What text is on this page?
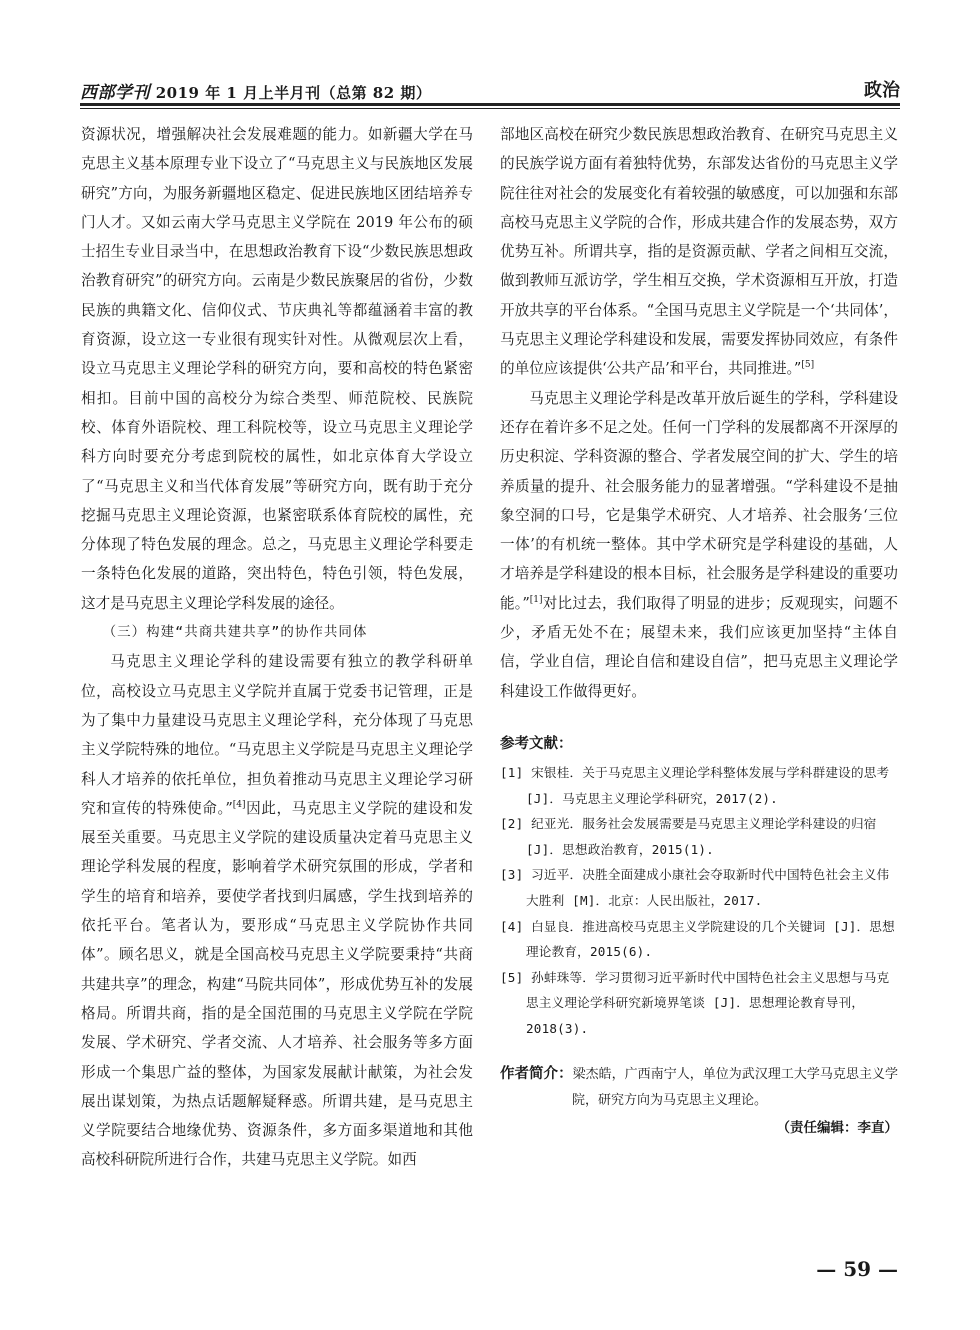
西部学刊 2019 年 1 月上半月刊（总第 82 期）	政治

资源状况，增强解决社会发展难题的能力。如新疆大学在马克思主义基本原理专业下设立了“马克思主义与民族地区发展研究”方向，为服务新疆地区稳定、促进民族地区团结培养专门人才。又如云南大学马克思主义学院在 2019 年公布的硕士招生专业目录当中，在思想政治教育下设“少数民族思想政治教育研究”的研究方向。云南是少数民族聚居的省份，少数民族的典籍文化、信仰仪式、节庆典礼等都蕴涵着丰富的教育资源，设立这一专业很有现实针对性。从微观层次上看，设立马克思主义理论学科的研究方向，要和高校的特色紧密相扣。目前中国的高校分为综合类型、师范院校、民族院校、体育外语院校、理工科院校等，设立马克思主义理论学科方向时要充分考虑到院校的属性，如北京体育大学设立了“马克思主义和当代体育发展”等研究方向，既有助于充分挖掘马克思主义理论资源，也紧密联系体育院校的属性，充分体现了特色发展的理念。总之，马克思主义理论学科要走一条特色化发展的道路，突出特色，特色引领，特色发展，这才是马克思主义理论学科发展的途径。

（三）构建“共商共建共享”的协作共同体

马克思主义理论学科的建设需要有独立的教学科研单位，高校设立马克思主义学院并直属于党委书记管理，正是为了集中力量建设马克思主义理论学科，充分体现了马克思主义学院特殊的地位。“马克思主义学院是马克思主义理论学科人才培养的依托单位，担负着推动马克思主义理论学习研究和宣传的特殊使命。”[4]因此，马克思主义学院的建设和发展至关重要。马克思主义学院的建设质量决定着马克思主义理论学科发展的程度，影响着学术研究氛围的形成，学者和学生的培育和培养，要使学者找到归属感，学生找到培养的依托平台。笔者认为，要形成“马克思主义学院协作共同体”。顾名思义，就是全国高校马克思主义学院要秉持“共商共建共享”的理念，构建“马院共同体”，形成优势互补的发展格局。所谓共商，指的是全国范围的马克思主义学院在学院发展、学术研究、学者交流、人才培养、社会服务等多方面形成一个集思广益的整体，为国家发展献计献策，为社会发展出谋划策，为热点话题解疑释惑。所谓共建，是马克思主义学院要结合地缘优势、资源条件，多方面多渠道地和其他高校科研院所进行合作，共建马克思主义学院。如西

部地区高校在研究少数民族思想政治教育、在研究马克思主义的民族学说方面有着独特优势，东部发达省份的马克思主义学院往往对社会的发展变化有着较强的敏感度，可以加强和东部高校马克思主义学院的合作，形成共建合作的发展态势，双方优势互补。所谓共享，指的是资源贡献、学者之间相互交流，做到教师互派访学，学生相互交换，学术资源相互开放，打造开放共享的平台体系。“全国马克思主义学院是一个‘共同体’，马克思主义理论学科建设和发展，需要发挥协同效应，有条件的单位应该提供‘公共产品’和平台，共同推进。”[5]

马克思主义理论学科是改革开放后诞生的学科，学科建设还存在着许多不足之处。任何一门学科的发展都离不开深厚的历史积淀、学科资源的整合、学者发展空间的扩大、学生的培养质量的提升、社会服务能力的显著增强。“学科建设不是抽象空洞的口号，它是集学术研究、人才培养、社会服务‘三位一体’的有机统一整体。其中学术研究是学科建设的基础，人才培养是学科建设的根本目标，社会服务是学科建设的重要功能。”[1]对比过去，我们取得了明显的进步；反观现实，问题不少，矛盾无处不在；展望未来，我们应该更加坚持“主体自信，学业自信，理论自信和建设自信”，把马克思主义理论学科建设工作做得更好。

参考文献：
[1] 宋银桂．关于马克思主义理论学科整体发展与学科群建设的思考 [J]．马克思主义理论学科研究，2017(2).
[2] 纪亚光．服务社会发展需要是马克思主义理论学科建设的归宿 [J]．思想政治教育，2015(1).
[3] 习近平．决胜全面建成小康社会夺取新时代中国特色社会主义伟大胜利 [M]．北京：人民出版社，2017.
[4] 白显良．推进高校马克思主义学院建设的几个关键词 [J]．思想理论教育，2015(6).
[5] 孙蚌珠等．学习贯彻习近平新时代中国特色社会主义思想与马克思主义理论学科研究新境界笔谈 [J]．思想理论教育导刊，2018(3).
作者简介：梁杰皓，广西南宁人，单位为武汉理工大学马克思主义学院，研究方向为马克思主义理论。
（责任编辑：李直）
— 59 —
